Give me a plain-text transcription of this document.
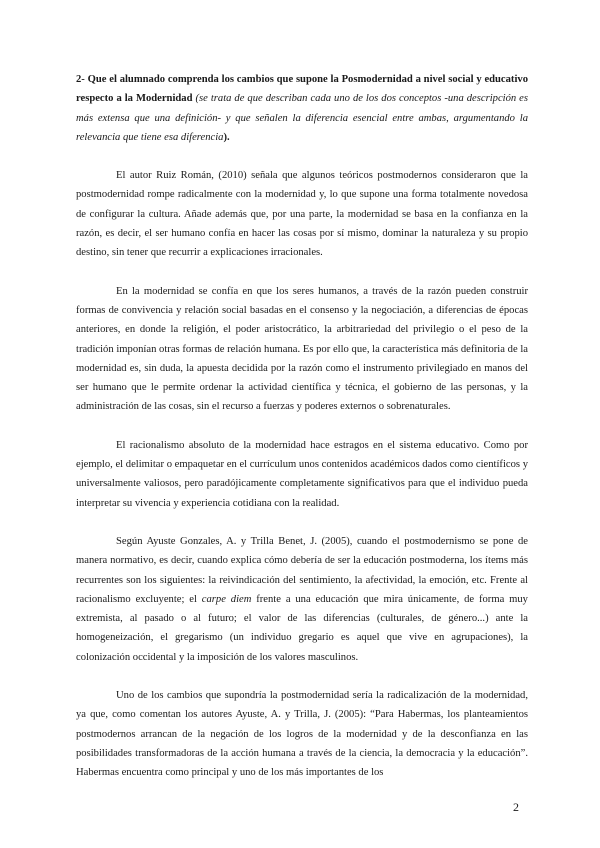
2- Que el alumnado comprenda los cambios que supone la Posmodernidad a nivel social y educativo respecto a la Modernidad (se trata de que describan cada uno de los dos conceptos -una descripción es más extensa que una definición- y que señalen la diferencia esencial entre ambas, argumentando la relevancia que tiene esa diferencia).

El autor Ruiz Román, (2010) señala que algunos teóricos postmodernos consideraron que la postmodernidad rompe radicalmente con la modernidad y, lo que supone una forma totalmente novedosa de configurar la cultura. Añade además que, por una parte, la modernidad se basa en la confianza en la razón, es decir, el ser humano confía en hacer las cosas por sí mismo, dominar la naturaleza y su propio destino, sin tener que recurrir a explicaciones irracionales.

En la modernidad se confía en que los seres humanos, a través de la razón pueden construir formas de convivencia y relación social basadas en el consenso y la negociación, a diferencias de épocas anteriores, en donde la religión, el poder aristocrático, la arbitrariedad del privilegio o el peso de la tradición imponían otras formas de relación humana. Es por ello que, la característica más definitoria de la modernidad es, sin duda, la apuesta decidida por la razón como el instrumento privilegiado en manos del ser humano que le permite ordenar la actividad científica y técnica, el gobierno de las personas, y la administración de las cosas, sin el recurso a fuerzas y poderes externos o sobrenaturales.

El racionalismo absoluto de la modernidad hace estragos en el sistema educativo. Como por ejemplo, el delimitar o empaquetar en el currículum unos contenidos académicos dados como científicos y universalmente valiosos, pero paradójicamente completamente significativos para que el individuo pueda interpretar su vivencia y experiencia cotidiana con la realidad.

Según Ayuste Gonzales, A. y Trilla Benet, J. (2005), cuando el postmodernismo se pone de manera normativo, es decir, cuando explica cómo debería de ser la educación postmoderna, los ítems más recurrentes son los siguientes: la reivindicación del sentimiento, la afectividad, la emoción, etc. Frente al racionalismo excluyente; el carpe diem frente a una educación que mira únicamente, de forma muy extremista, al pasado o al futuro; el valor de las diferencias (culturales, de género...) ante la homogeneización, el gregarismo (un individuo gregario es aquel que vive en agrupaciones), la colonización occidental y la imposición de los valores masculinos.

Uno de los cambios que supondría la postmodernidad sería la radicalización de la modernidad, ya que, como comentan los autores Ayuste, A. y Trilla, J. (2005): “Para Habermas, los planteamientos postmodernos arrancan de la negación de los logros de la modernidad y de la desconfianza en las posibilidades transformadoras de la acción humana a través de la ciencia, la democracia y la educación”. Habermas encuentra como principal y uno de los más importantes de los

2
